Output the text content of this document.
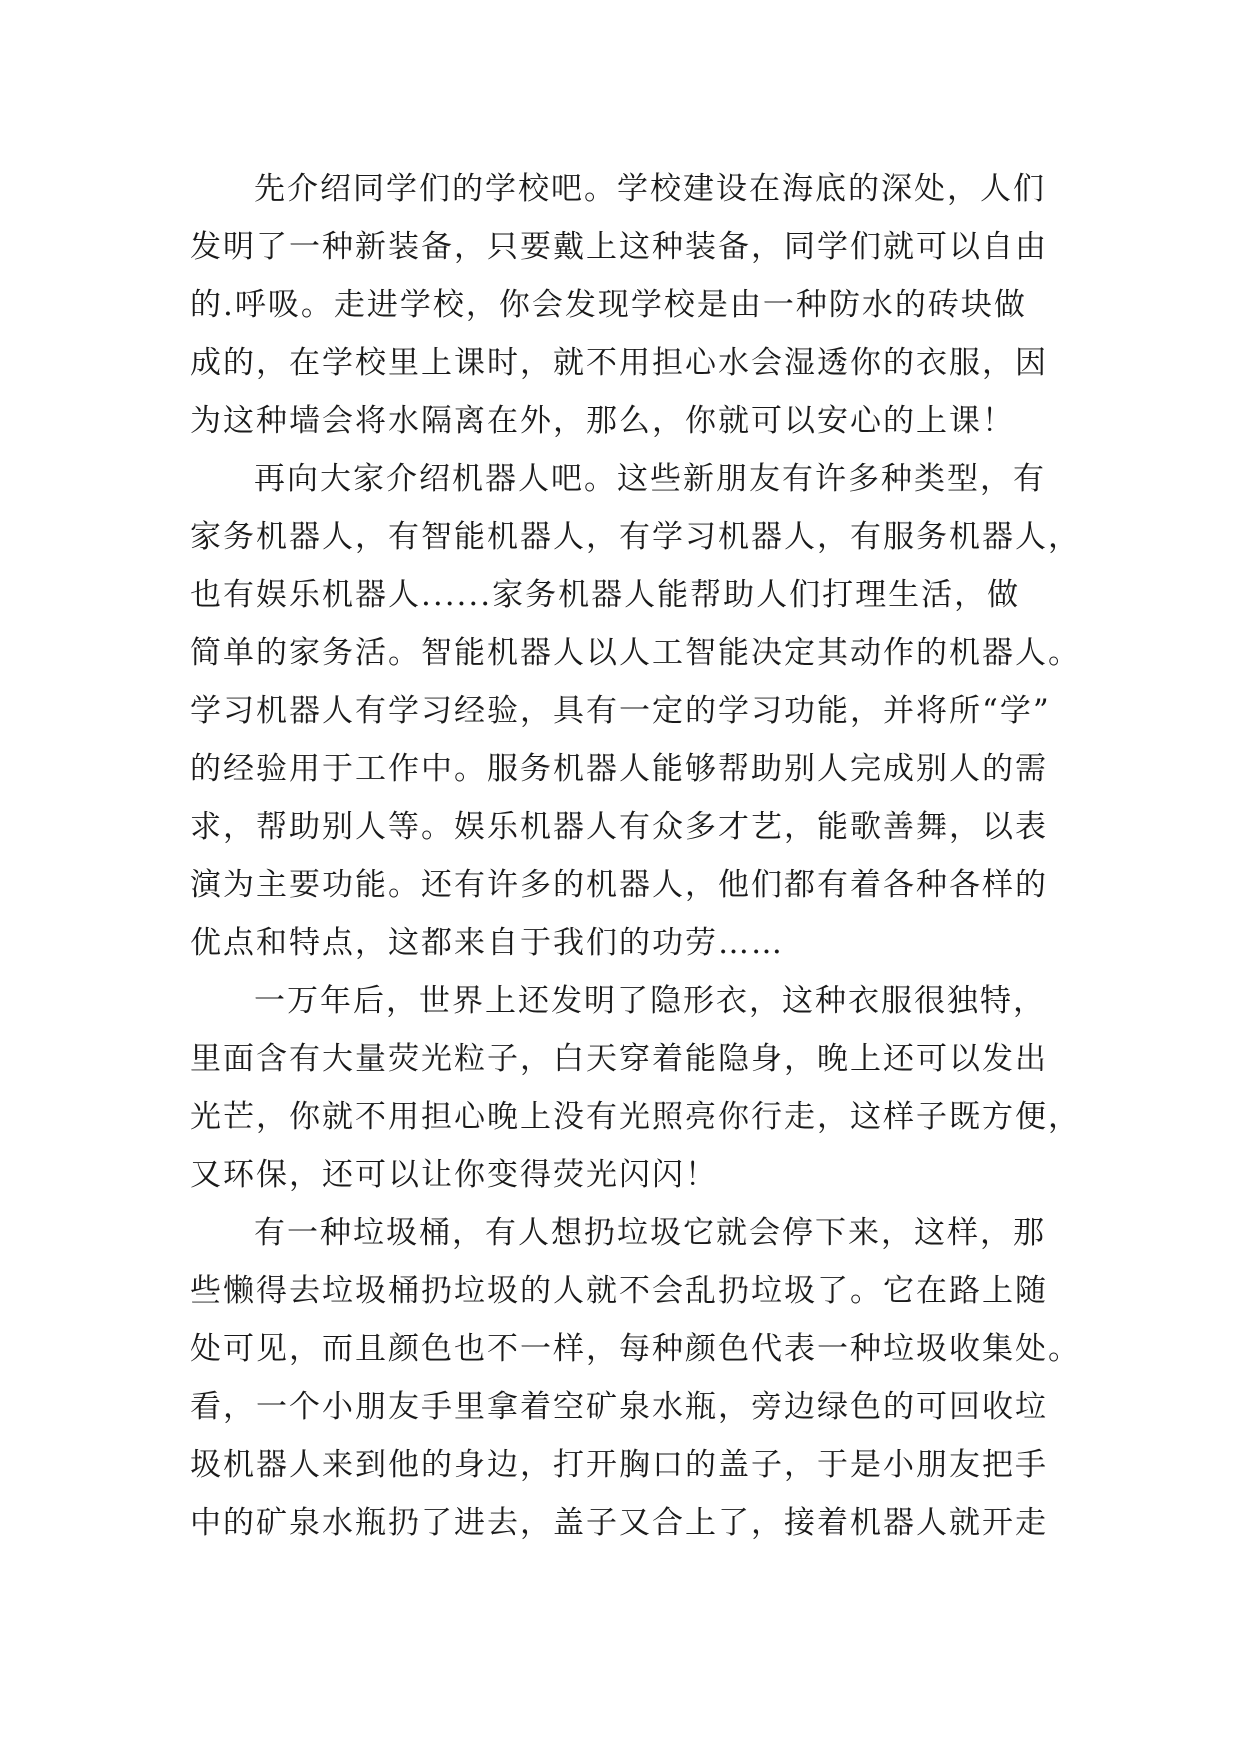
先介绍同学们的学校吧。学校建设在海底的深处，人们
发明了一种新装备，只要戴上这种装备，同学们就可以自由
的.呼吸。走进学校，你会发现学校是由一种防水的砖块做
成的，在学校里上课时，就不用担心水会湿透你的衣服，因
为这种墙会将水隔离在外，那么，你就可以安心的上课！
再向大家介绍机器人吧。这些新朋友有许多种类型，有
家务机器人，有智能机器人，有学习机器人，有服务机器人，
也有娱乐机器人......家务机器人能帮助人们打理生活，做
简单的家务活。智能机器人以人工智能决定其动作的机器人。
学习机器人有学习经验，具有一定的学习功能，并将所“学”
的经验用于工作中。服务机器人能够帮助别人完成别人的需
求，帮助别人等。娱乐机器人有众多才艺，能歌善舞，以表
演为主要功能。还有许多的机器人，他们都有着各种各样的
优点和特点，这都来自于我们的功劳……
一万年后，世界上还发明了隐形衣，这种衣服很独特，
里面含有大量荧光粒子，白天穿着能隐身，晚上还可以发出
光芒，你就不用担心晚上没有光照亮你行走，这样子既方便，
又环保，还可以让你变得荧光闪闪！
有一种垃圾桶，有人想扔垃圾它就会停下来，这样，那
些懒得去垃圾桶扔垃圾的人就不会乱扔垃圾了。它在路上随
处可见，而且颜色也不一样，每种颜色代表一种垃圾收集处。
看，一个小朋友手里拿着空矿泉水瓶，旁边绿色的可回收垃
圾机器人来到他的身边，打开胸口的盖子，于是小朋友把手
中的矿泉水瓶扔了进去，盖子又合上了，接着机器人就开走
